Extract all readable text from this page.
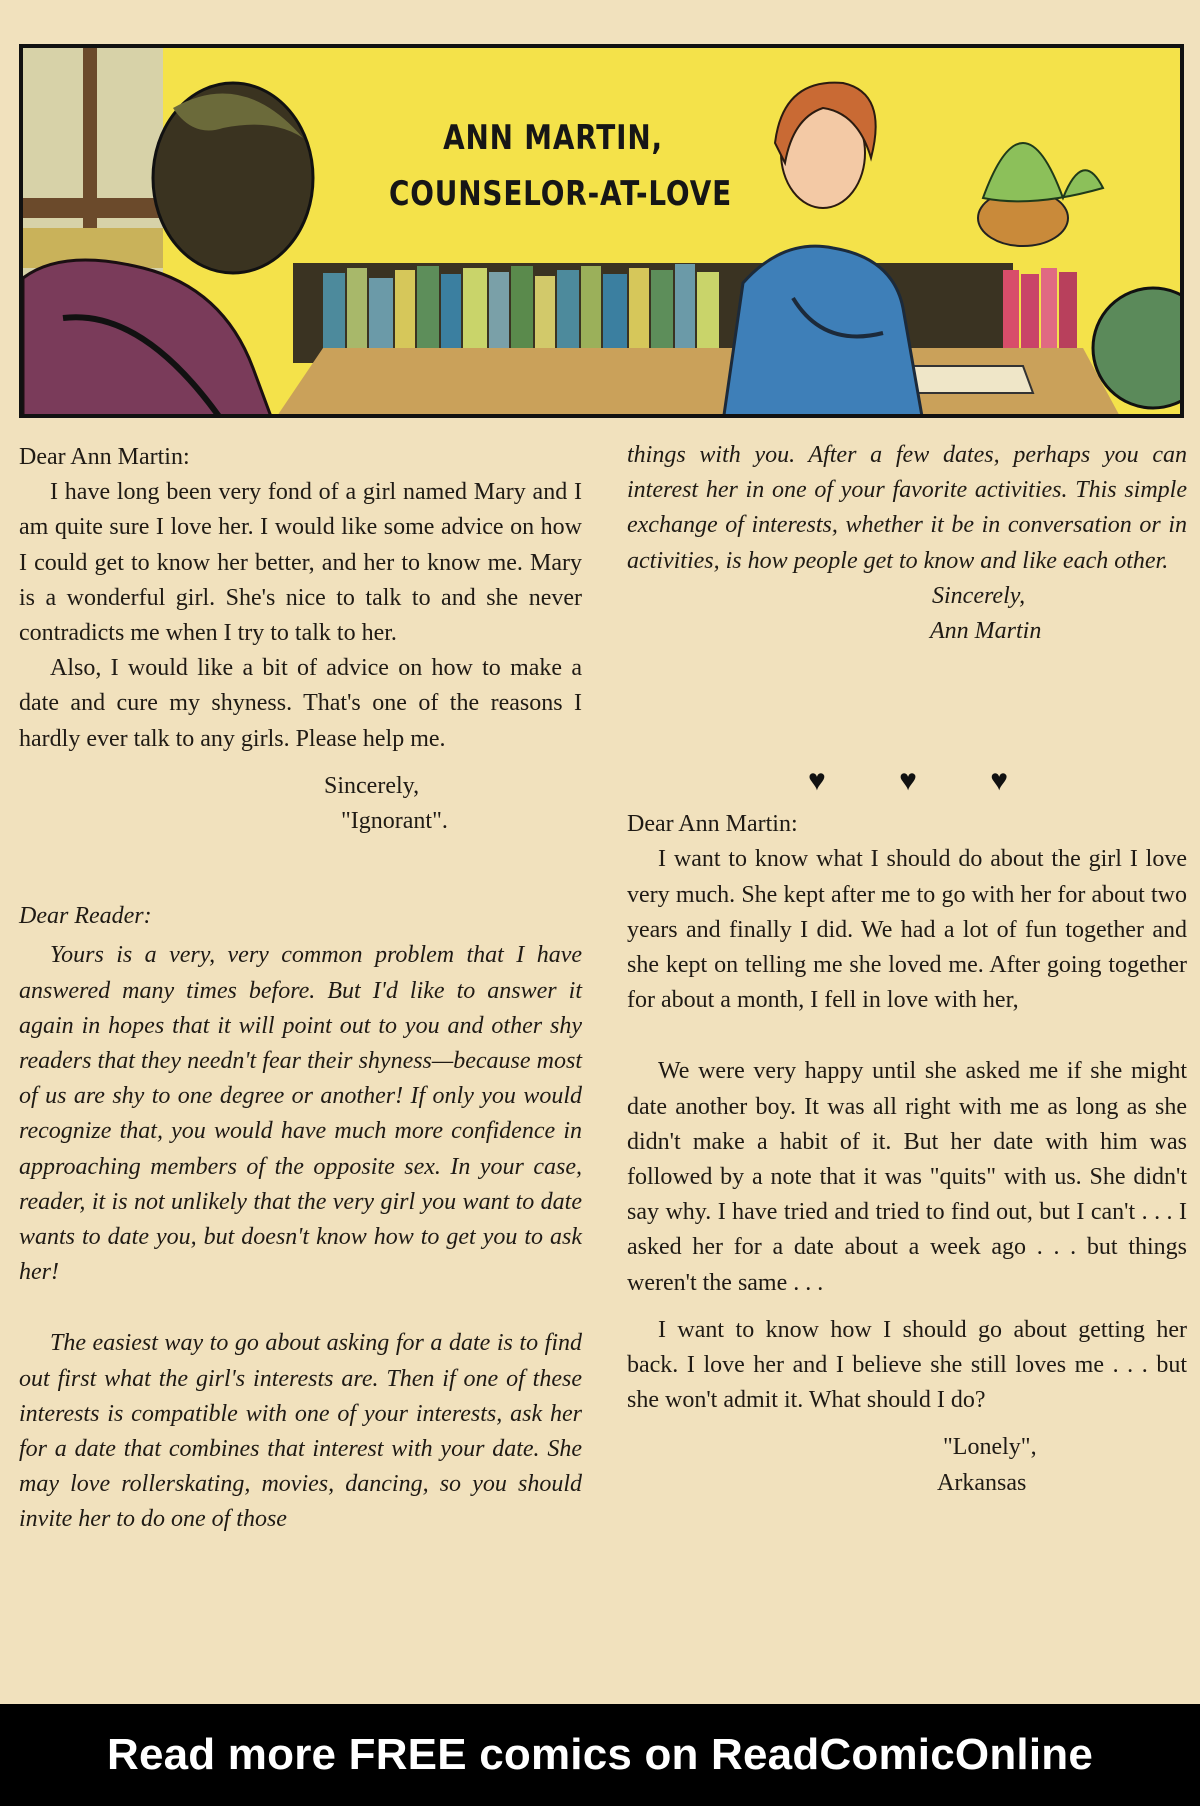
ANN MARTIN,
COUNSELOR-AT-LOVE

Dear Ann Martin:

I have long been very fond of a girl named Mary and I am quite sure I love her. I would like some advice on how I could get to know her better, and her to know me. Mary is a wonderful girl. She's nice to talk to and she never contradicts me when I try to talk to her.

Also, I would like a bit of advice on how to make a date and cure my shyness. That's one of the reasons I hardly ever talk to any girls. Please help me.

Sincerely,
"Ignorant".

Dear Reader:

Yours is a very, very common problem that I have answered many times before. But I'd like to answer it again in hopes that it will point out to you and other shy readers that they needn't fear their shyness—because most of us are shy to one degree or another! If only you would recognize that, you would have much more confidence in approaching members of the opposite sex. In your case, reader, it is not unlikely that the very girl you want to date wants to date you, but doesn't know how to get you to ask her!

The easiest way to go about asking for a date is to find out first what the girl's interests are. Then if one of these interests is compatible with one of your interests, ask her for a date that combines that interest with your date. She may love rollerskating, movies, dancing, so you should invite her to do one of those

things with you. After a few dates, perhaps you can interest her in one of your favorite activities. This simple exchange of interests, whether it be in conversation or in activities, is how people get to know and like each other.

Sincerely,
Ann Martin

Dear Ann Martin:

I want to know what I should do about the girl I love very much. She kept after me to go with her for about two years and finally I did. We had a lot of fun together and she kept on telling me she loved me. After going together for about a month, I fell in love with her,

We were very happy until she asked me if she might date another boy. It was all right with me as long as she didn't make a habit of it. But her date with him was followed by a note that it was "quits" with us. She didn't say why. I have tried and tried to find out, but I can't . . . I asked her for a date about a week ago . . . but things weren't the same . . .

I want to know how I should go about getting her back. I love her and I believe she still loves me . . . but she won't admit it. What should I do?

"Lonely",
Arkansas
♥ ♥ ♥
Read more FREE comics on ReadComicOnline
